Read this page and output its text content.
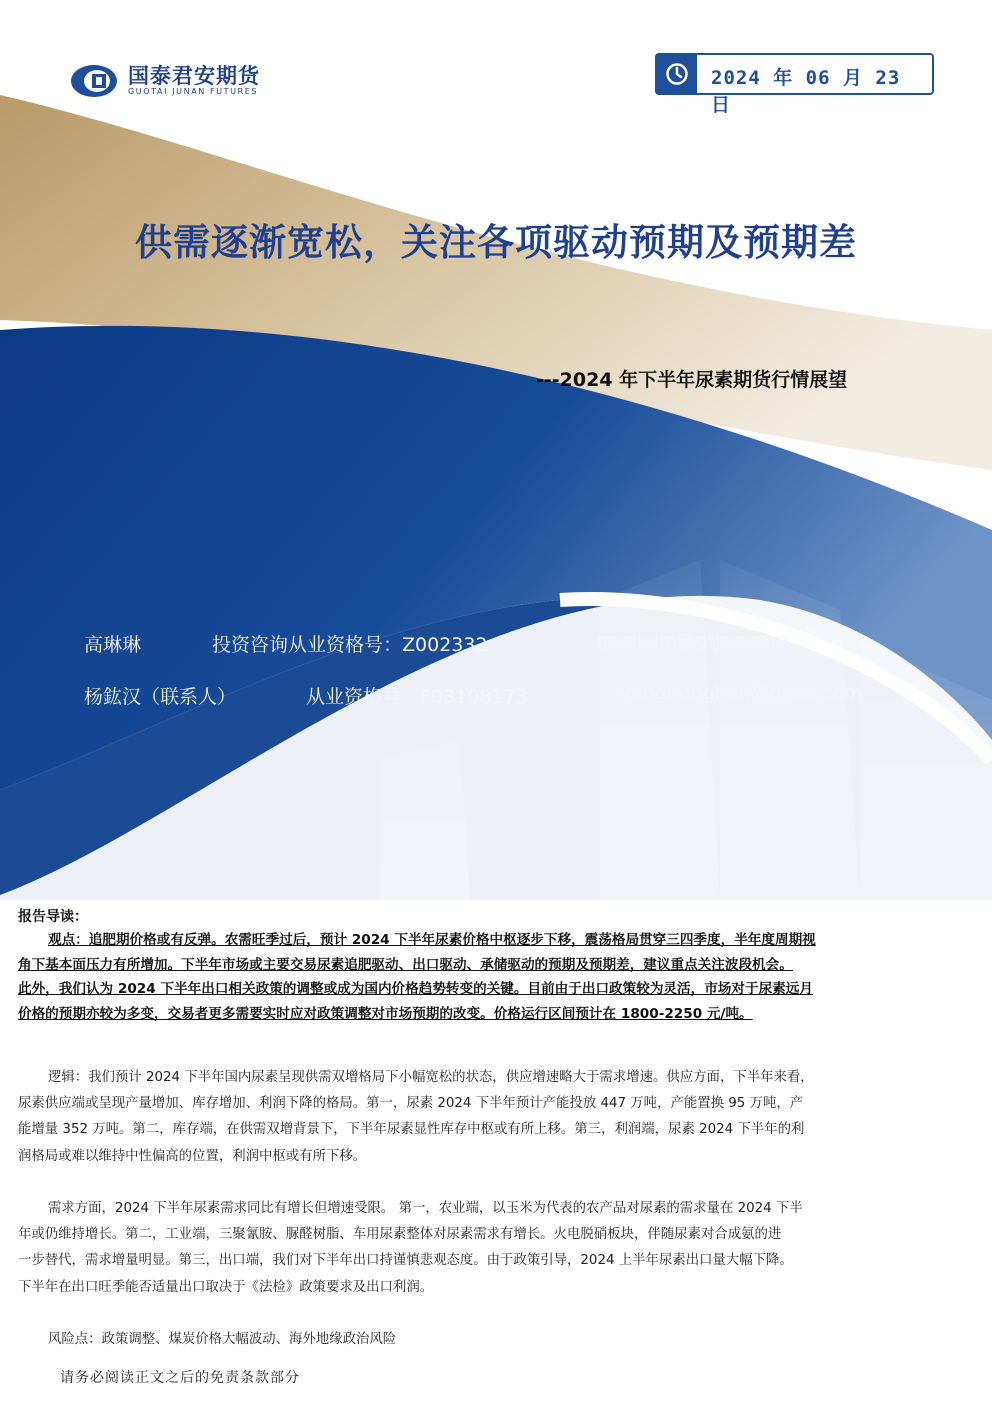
国泰君安期货
GUOTAI JUNAN FUTURES
2024 年 06 月 23 日
供需逐渐宽松，关注各项驱动预期及预期差
---2024 年下半年尿素期货行情展望
高琳琳	投资咨询从业资格号：Z002332	gaolinlin@gtjas.com
杨鈜汉（联系人）	从业资格号：F03108173	yanghonghan@gtjas.com
报告导读：
观点：追肥期价格或有反弹。农需旺季过后，预计 2024 下半年尿素价格中枢逐步下移，震荡格局贯穿三四季度，半年度周期视
角下基本面压力有所增加。下半年市场或主要交易尿素追肥驱动、出口驱动、承储驱动的预期及预期差，建议重点关注波段机会。
此外，我们认为 2024 下半年出口相关政策的调整或成为国内价格趋势转变的关键。目前由于出口政策较为灵活，市场对于尿素远月
价格的预期亦较为多变，交易者更多需要实时应对政策调整对市场预期的改变。价格运行区间预计在 1800-2250 元/吨。
逻辑：我们预计 2024 下半年国内尿素呈现供需双增格局下小幅宽松的状态，供应增速略大于需求增速。供应方面，下半年来看，
尿素供应端或呈现产量增加、库存增加、利润下降的格局。第一，尿素 2024 下半年预计产能投放 447 万吨，产能置换 95 万吨，产
能增量 352 万吨。第二，库存端，在供需双增背景下，下半年尿素显性库存中枢或有所上移。第三，利润端，尿素 2024 下半年的利
润格局或难以维持中性偏高的位置，利润中枢或有所下移。
需求方面，2024 下半年尿素需求同比有增长但增速受限。 第一，农业端，以玉米为代表的农产品对尿素的需求量在 2024 下半
年或仍维持增长。第二，工业端，三聚氰胺、脲醛树脂、车用尿素整体对尿素需求有增长。火电脱硝板块，伴随尿素对合成氨的进
一步替代，需求增量明显。第三，出口端，我们对下半年出口持谨慎悲观态度。由于政策引导，2024 上半年尿素出口量大幅下降。
下半年在出口旺季能否适量出口取决于《法检》政策要求及出口利润。
风险点：政策调整、煤炭价格大幅波动、海外地缘政治风险
请务必阅读正文之后的免责条款部分
